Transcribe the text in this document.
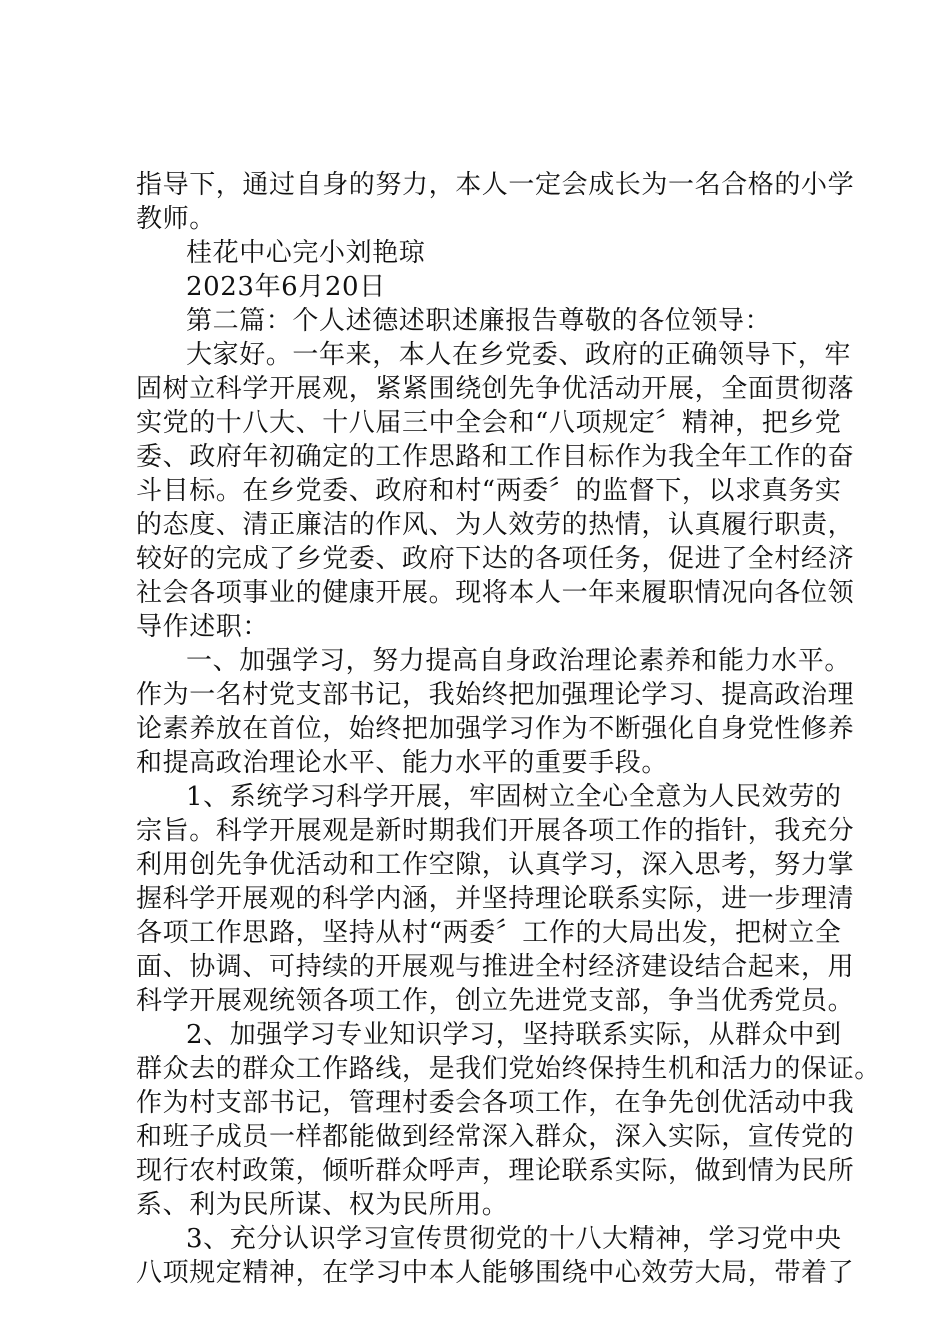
指导下，通过自身的努力，本人一定会成长为一名合格的小学
教师。
桂花中心完小刘艳琼
2023年6月20日
第二篇：个人述德述职述廉报告尊敬的各位领导：
大家好。一年来，本人在乡党委、政府的正确领导下，牢
固树立科学开展观，紧紧围绕创先争优活动开展，全面贯彻落
实党的十八大、十八届三中全会和“八项规定〞精神，把乡党
委、政府年初确定的工作思路和工作目标作为我全年工作的奋
斗目标。在乡党委、政府和村“两委〞的监督下，以求真务实
的态度、清正廉洁的作风、为人效劳的热情，认真履行职责，
较好的完成了乡党委、政府下达的各项任务，促进了全村经济
社会各项事业的健康开展。现将本人一年来履职情况向各位领
导作述职：
一、加强学习，努力提高自身政治理论素养和能力水平。
作为一名村党支部书记，我始终把加强理论学习、提高政治理
论素养放在首位，始终把加强学习作为不断强化自身党性修养
和提高政治理论水平、能力水平的重要手段。
1、系统学习科学开展，牢固树立全心全意为人民效劳的
宗旨。科学开展观是新时期我们开展各项工作的指针，我充分
利用创先争优活动和工作空隙，认真学习，深入思考，努力掌
握科学开展观的科学内涵，并坚持理论联系实际，进一步理清
各项工作思路，坚持从村“两委〞工作的大局出发，把树立全
面、协调、可持续的开展观与推进全村经济建设结合起来，用
科学开展观统领各项工作，创立先进党支部，争当优秀党员。
2、加强学习专业知识学习，坚持联系实际，从群众中到
群众去的群众工作路线，是我们党始终保持生机和活力的保证。
作为村支部书记，管理村委会各项工作，在争先创优活动中我
和班子成员一样都能做到经常深入群众，深入实际，宣传党的
现行农村政策，倾听群众呼声，理论联系实际，做到情为民所
系、利为民所谋、权为民所用。
3、充分认识学习宣传贯彻党的十八大精神，学习党中央
八项规定精神，在学习中本人能够围绕中心效劳大局，带着了
